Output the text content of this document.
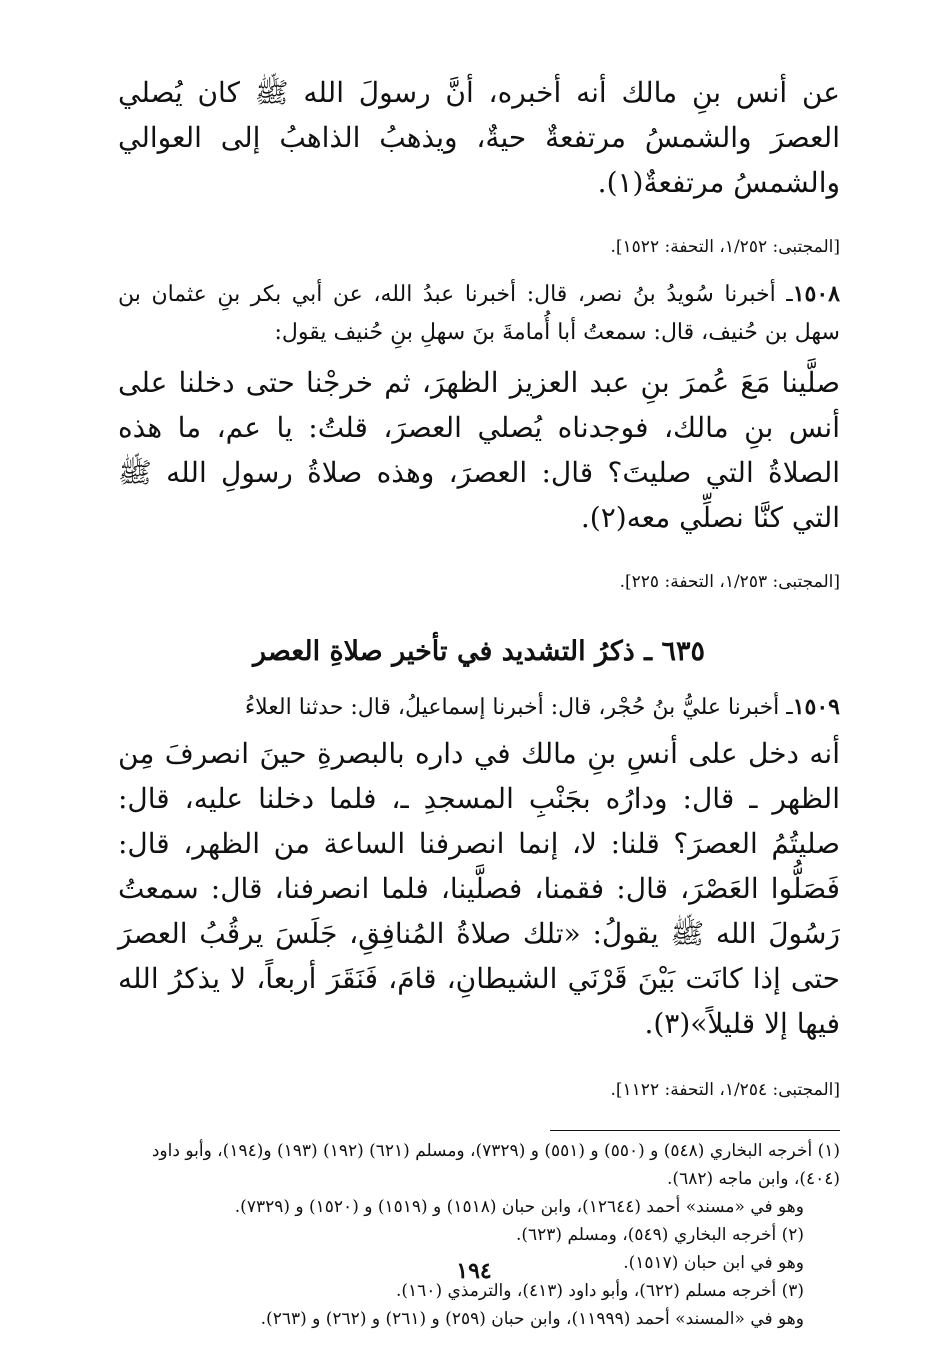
عن أنس بنِ مالك أنه أخبره، أنَّ رسولَ الله ﷺ كان يُصلي العصرَ والشمسُ مرتفعةٌ حيةٌ، ويذهبُ الذاهبُ إلى العوالي والشمسُ مرتفعةٌ(١).

[المجتبى: ١/٢٥٢، التحفة: ١٥٢٢].

١٥٠٨ـ أخبرنا سُويدُ بنُ نصر، قال: أخبرنا عبدُ الله، عن أبي بكر بنِ عثمان بن سهل بن حُنيف، قال: سمعتُ أبا أُمامةَ بنَ سهلِ بنِ حُنيف يقول:

صلَّينا مَعَ عُمرَ بنِ عبد العزيز الظهرَ، ثم خرجْنا حتى دخلنا على أنس بنِ مالك، فوجدناه يُصلي العصرَ، قلتُ: يا عم، ما هذه الصلاةُ التي صليتَ؟ قال: العصرَ، وهذه صلاةُ رسولِ الله ﷺ التي كنَّا نصلِّي معه(٢).

[المجتبى: ١/٢٥٣، التحفة: ٢٢٥].

٦٣٥ ـ ذكرُ التشديد في تأخير صلاةِ العصر

١٥٠٩ـ أخبرنا عليُّ بنُ حُجْر، قال: أخبرنا إسماعيلُ، قال: حدثنا العلاءُ

أنه دخل على أنسِ بنِ مالك في داره بالبصرةِ حينَ انصرفَ مِن الظهر ـ قال: ودارُه بجَنْبِ المسجدِ ـ، فلما دخلنا عليه، قال: صليتُمُ العصرَ؟ قلنا: لا، إنما انصرفنا الساعة من الظهر، قال: فَصَلُّوا العَصْرَ، قال: فقمنا، فصلَّينا، فلما انصرفنا، قال: سمعتُ رَسُولَ الله ﷺ يقولُ: «تلك صلاةُ المُنافِقِ، جَلَسَ يرقُبُ العصرَ حتى إذا كانَت بَيْنَ قَرْنَي الشيطانِ، قامَ، فَنَقَرَ أربعاً، لا يذكرُ الله فيها إلا قليلاً»(٣).

[المجتبى: ١/٢٥٤، التحفة: ١١٢٢].

(١) أخرجه البخاري (٥٤٨) و (٥٥٠) و (٥٥١) و (٧٣٢٩)، ومسلم (٦٢١) (١٩٢) (١٩٣) و(١٩٤)، وأبو داود (٤٠٤)، وابن ماجه (٦٨٢).

وهو في «مسند» أحمد (١٢٦٤٤)، وابن حبان (١٥١٨) و (١٥١٩) و (١٥٢٠) و (٧٣٢٩).

(٢) أخرجه البخاري (٥٤٩)، ومسلم (٦٢٣).

وهو في ابن حبان (١٥١٧).

(٣) أخرجه مسلم (٦٢٢)، وأبو داود (٤١٣)، والترمذي (١٦٠).

وهو في «المسند» أحمد (١١٩٩٩)، وابن حبان (٢٥٩) و (٢٦١) و (٢٦٢) و (٢٦٣).

١٩٤
